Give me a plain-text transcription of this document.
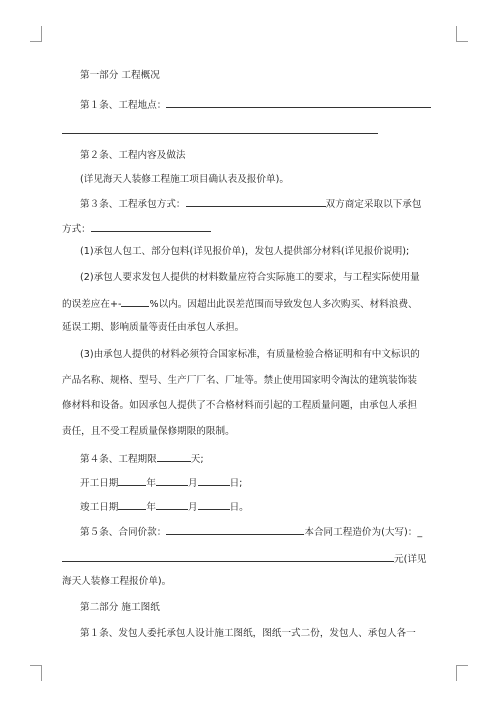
第一部分 工程概况
第１条、工程地点：
第２条、工程内容及做法
(详见海天人装修工程施工项目确认表及报价单)。
第３条、工程承包方式：	双方商定采取以下承包
方式：
(1)承包人包工、部分包料(详见报价单)，发包人提供部分材料(详见报价说明);
(2)承包人要求发包人提供的材料数量应符合实际施工的要求，与工程实际使用量
的误差应在+-	%以内。因超出此误差范围而导致发包人多次购买、材料浪费、
延误工期、影响质量等责任由承包人承担。
(3)由承包人提供的材料必须符合国家标准，有质量检验合格证明和有中文标识的
产品名称、规格、型号、生产厂厂名、厂址等。禁止使用国家明令淘汰的建筑装饰装
修材料和设备。如因承包人提供了不合格材料而引起的工程质量问题，由承包人承担
责任，且不受工程质量保修期限的限制。
第４条、工程期限	天;
开工日期	年	月	日;
竣工日期	年	月	日。
第５条、合同价款：	本合同工程造价为(大写)：_
元(详见
海天人装修工程报价单)。
第二部分 施工图纸
第１条、发包人委托承包人设计施工图纸，图纸一式二份，发包人、承包人各一
